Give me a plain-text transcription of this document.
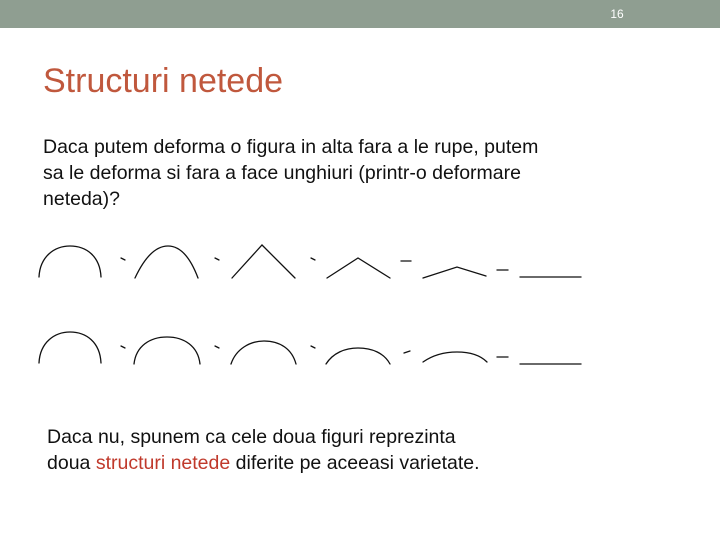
16
Structuri netede
Daca putem deforma o figura in alta fara a le rupe, putem
sa le deforma si fara a face unghiuri (printr-o deformare
neteda)?
Daca nu, spunem ca cele doua figuri reprezinta
doua structuri netede diferite pe aceeasi varietate.
